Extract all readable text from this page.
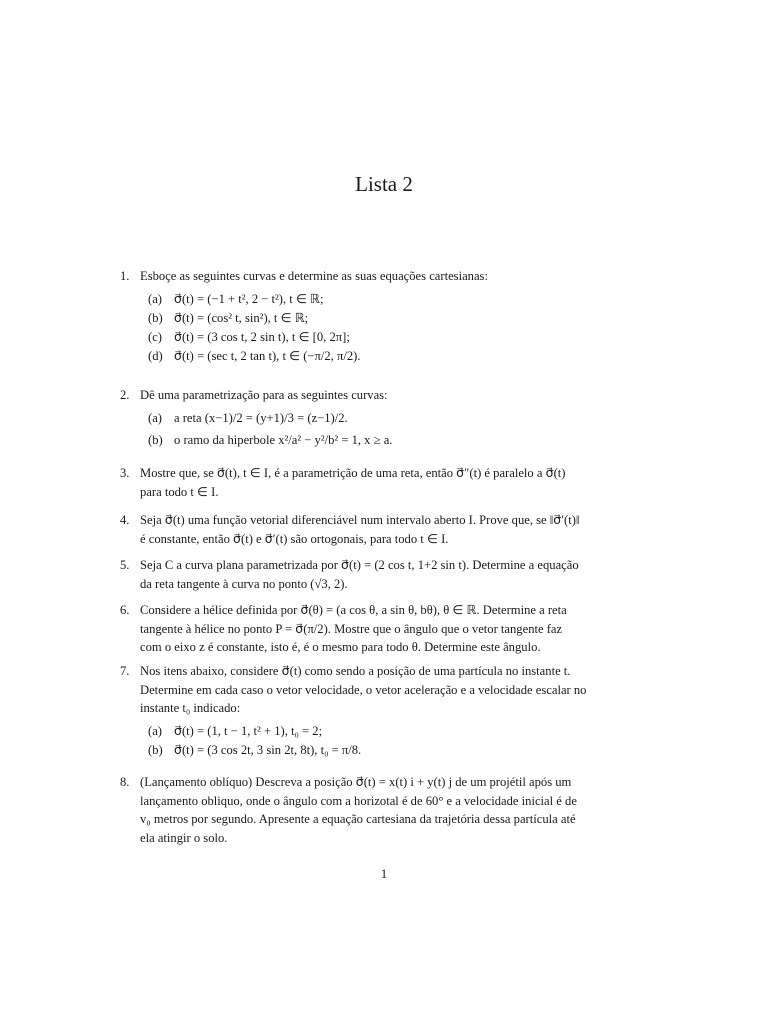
Lista 2
1. Esboçe as seguintes curvas e determine as suas equações cartesianas:
(a) σ⃗(t) = (−1 + t², 2 − t²), t ∈ ℝ;
(b) σ⃗(t) = (cos² t, sin²), t ∈ ℝ;
(c) σ⃗(t) = (3 cos t, 2 sin t), t ∈ [0, 2π];
(d) σ⃗(t) = (sec t, 2 tan t), t ∈ (−π/2, π/2).
2. Dê uma parametrização para as seguintes curvas:
(a) a reta (x−1)/2 = (y+1)/3 = (z−1)/2.
(b) o ramo da hiperbole x²/a² − y²/b² = 1, x ≥ a.
3. Mostre que, se σ⃗(t), t ∈ I, é a parametrição de uma reta, então σ⃗″(t) é paralelo a σ⃗(t)
para todo t ∈ I.
4. Seja σ⃗(t) uma função vetorial diferenciável num intervalo aberto I. Prove que, se ‖σ⃗′(t)‖
é constante, então σ⃗(t) e σ⃗′(t) são ortogonais, para todo t ∈ I.
5. Seja C a curva plana parametrizada por σ⃗(t) = (2 cos t, 1+2 sin t). Determine a equação
da reta tangente à curva no ponto (√3, 2).
6. Considere a hélice definida por σ⃗(θ) = (a cos θ, a sin θ, bθ), θ ∈ ℝ. Determine a reta
tangente à hélice no ponto P = σ⃗(π/2). Mostre que o ângulo que o vetor tangente faz
com o eixo z é constante, isto é, é o mesmo para todo θ. Determine este ângulo.
7. Nos itens abaixo, considere σ⃗(t) como sendo a posição de uma partícula no instante t.
Determine em cada caso o vetor velocidade, o vetor aceleração e a velocidade escalar no
instante t₀ indicado:
(a) σ⃗(t) = (1, t − 1, t² + 1), t₀ = 2;
(b) σ⃗(t) = (3 cos 2t, 3 sin 2t, 8t), t₀ = π/8.
8. (Lançamento oblíquo) Descreva a posição σ⃗(t) = x(t) i + y(t) j de um projétil após um
lançamento obliquo, onde o ângulo com a horizotal é de 60° e a velocidade inicial é de
v₀ metros por segundo. Apresente a equação cartesiana da trajetória dessa partícula até
ela atingir o solo.
1
